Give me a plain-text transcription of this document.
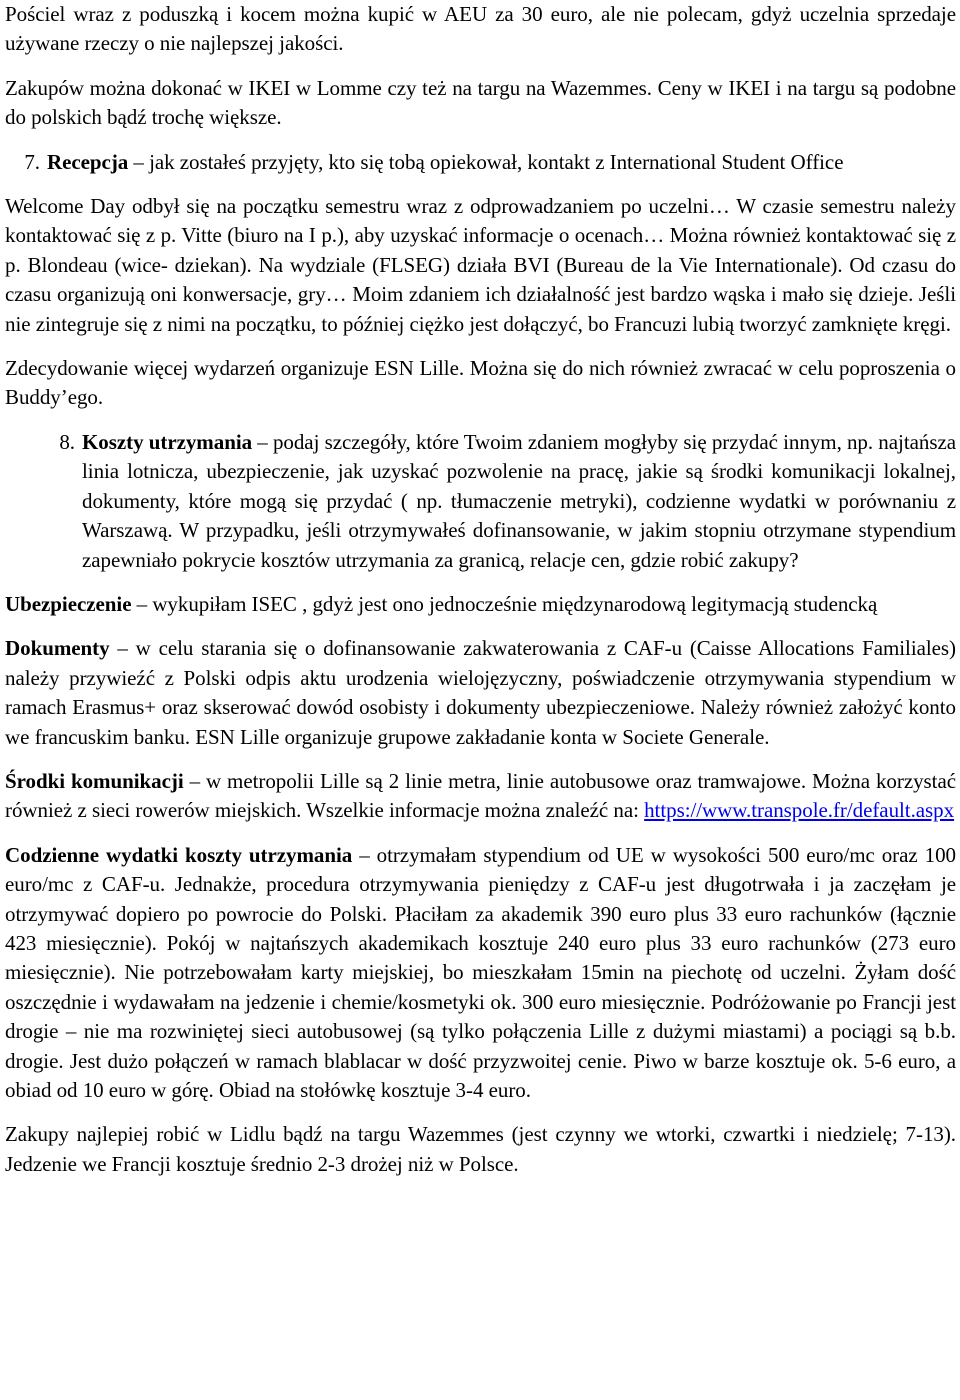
Pościel wraz z poduszką i kocem można kupić w AEU za 30 euro, ale nie polecam, gdyż uczelnia sprzedaje używane rzeczy o nie najlepszej jakości.

Zakupów można dokonać w IKEI w Lomme czy też na targu na Wazemmes. Ceny w IKEI i na targu są podobne do polskich bądź trochę większe.

7. Recepcja – jak zostałeś przyjęty, kto się tobą opiekował, kontakt z International Student Office

Welcome Day odbył się na początku semestru wraz z odprowadzaniem po uczelni… W czasie semestru należy kontaktować się z p. Vitte (biuro na I p.), aby uzyskać informacje o ocenach… Można również kontaktować się z p. Blondeau (wice- dziekan). Na wydziale (FLSEG) działa BVI (Bureau de la Vie Internationale). Od czasu do czasu organizują oni konwersacje, gry… Moim zdaniem ich działalność jest bardzo wąska i mało się dzieje. Jeśli nie zintegruje się z nimi na początku, to później ciężko jest dołączyć, bo Francuzi lubią tworzyć zamknięte kręgi.

Zdecydowanie więcej wydarzeń organizuje ESN Lille. Można się do nich również zwracać w celu poproszenia o Buddy’ego.

8. Koszty utrzymania – podaj szczegóły, które Twoim zdaniem mogłyby się przydać innym, np. najtańsza linia lotnicza, ubezpieczenie, jak uzyskać pozwolenie na pracę, jakie są środki komunikacji lokalnej, dokumenty, które mogą się przydać ( np. tłumaczenie metryki), codzienne wydatki w porównaniu z Warszawą. W przypadku, jeśli otrzymywałeś dofinansowanie, w jakim stopniu otrzymane stypendium zapewniało pokrycie kosztów utrzymania za granicą, relacje cen, gdzie robić zakupy?

Ubezpieczenie – wykupiłam ISEC , gdyż jest ono jednocześnie międzynarodową legitymacją studencką

Dokumenty – w celu starania się o dofinansowanie zakwaterowania z CAF-u (Caisse Allocations Familiales) należy przywieźć z Polski odpis aktu urodzenia wielojęzyczny, poświadczenie otrzymywania stypendium w ramach Erasmus+ oraz skserować dowód osobisty i dokumenty ubezpieczeniowe. Należy również założyć konto we francuskim banku. ESN Lille organizuje grupowe zakładanie konta w Societe Generale.

Środki komunikacji – w metropolii Lille są 2 linie metra, linie autobusowe oraz tramwajowe. Można korzystać również z sieci rowerów miejskich. Wszelkie informacje można znaleźć na: https://www.transpole.fr/default.aspx

Codzienne wydatki koszty utrzymania – otrzymałam stypendium od UE w wysokości 500 euro/mc oraz 100 euro/mc z CAF-u. Jednakże, procedura otrzymywania pieniędzy z CAF-u jest długotrwała i ja zaczęłam je otrzymywać dopiero po powrocie do Polski. Płaciłam za akademik 390 euro plus 33 euro rachunków (łącznie 423 miesięcznie). Pokój w najtańszych akademikach kosztuje 240 euro plus 33 euro rachunków (273 euro miesięcznie). Nie potrzebowałam karty miejskiej, bo mieszkałam 15min na piechotę od uczelni. Żyłam dość oszczędnie i wydawałam na jedzenie i chemie/kosmetyki ok. 300 euro miesięcznie. Podróżowanie po Francji jest drogie – nie ma rozwiniętej sieci autobusowej (są tylko połączenia Lille z dużymi miastami) a pociągi są b.b. drogie. Jest dużo połączeń w ramach blablacar w dość przyzwoitej cenie. Piwo w barze kosztuje ok. 5-6 euro, a obiad od 10 euro w górę. Obiad na stołówkę kosztuje 3-4 euro.

Zakupy najlepiej robić w Lidlu bądź na targu Wazemmes (jest czynny we wtorki, czwartki i niedzielę; 7-13). Jedzenie we Francji kosztuje średnio 2-3 drożej niż w Polsce.
